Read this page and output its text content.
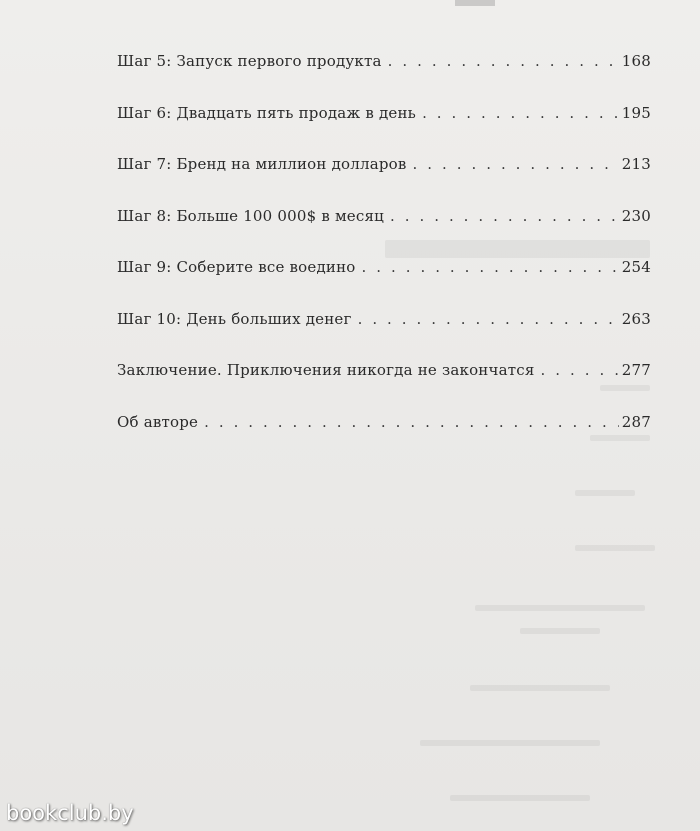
Шаг 5: Запуск первого продукта . . .	168
Шаг 6: Двадцать пять продаж в день . . .	195
Шаг 7: Бренд на миллион долларов . . .	213
Шаг 8: Больше 100 000$ в месяц . . .	230
Шаг 9: Соберите все воедино . . .	254
Шаг 10: День больших денег . . .	263
Заключение. Приключения никогда не закончатся . . .	277
Об авторе . . .	287
bookclub.by
